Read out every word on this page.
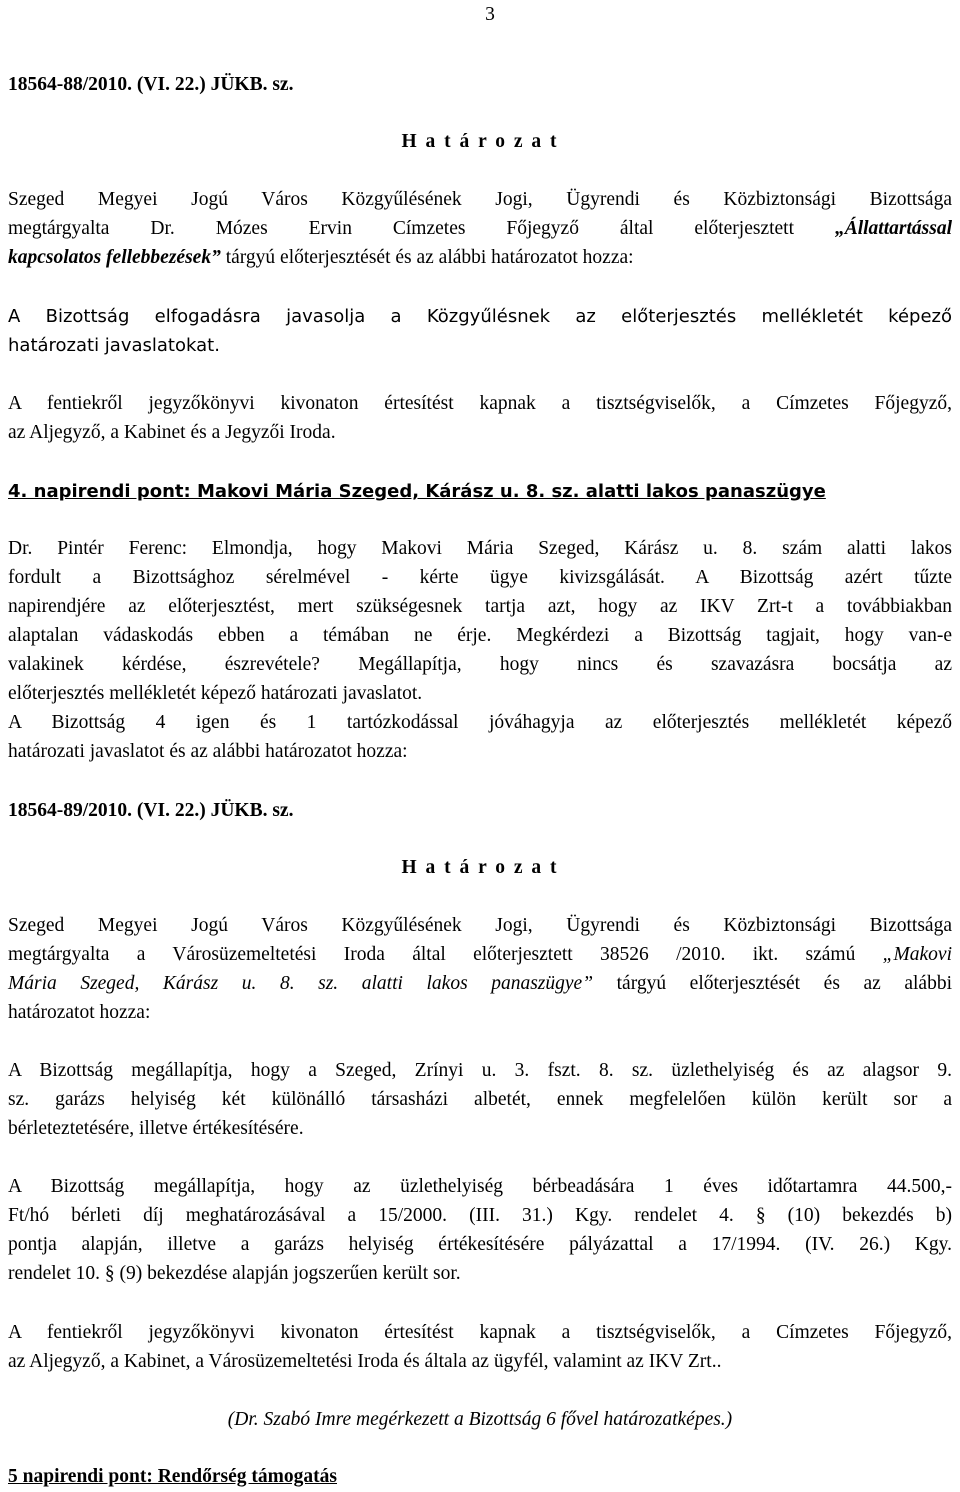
3
18564-88/2010. (VI. 22.) JÜKB. sz.
H a t á r o z a t
Szeged Megyei Jogú Város Közgyűlésének Jogi, Ügyrendi és Közbiztonsági Bizottsága
megtárgyalta Dr. Mózes Ervin Címzetes Főjegyző által előterjesztett „Állattartással
kapcsolatos fellebbezések” tárgyú előterjesztését és az alábbi határozatot hozza:
A Bizottság elfogadásra javasolja a Közgyűlésnek az előterjesztés mellékletét képező
határozati javaslatokat.
A fentiekről jegyzőkönyvi kivonaton értesítést kapnak a tisztségviselők, a Címzetes Főjegyző,
az Aljegyző, a Kabinet és a Jegyzői Iroda.
4. napirendi pont: Makovi Mária Szeged, Kárász u. 8. sz. alatti lakos panaszügye
Dr. Pintér Ferenc: Elmondja, hogy Makovi Mária Szeged, Kárász u. 8. szám alatti lakos
fordult a Bizottsághoz sérelmével - kérte ügye kivizsgálását. A Bizottság azért tűzte
napirendjére az előterjesztést, mert szükségesnek tartja azt, hogy az IKV Zrt-t a továbbiakban
alaptalan vádaskodás ebben a témában ne érje. Megkérdezi a Bizottság tagjait, hogy van-e
valakinek kérdése, észrevétele? Megállapítja, hogy nincs és szavazásra bocsátja az
előterjesztés mellékletét képező határozati javaslatot.
A Bizottság 4 igen és 1 tartózkodással jóváhagyja az előterjesztés mellékletét képező
határozati javaslatot és az alábbi határozatot hozza:
18564-89/2010. (VI. 22.) JÜKB. sz.
H a t á r o z a t
Szeged Megyei Jogú Város Közgyűlésének Jogi, Ügyrendi és Közbiztonsági Bizottsága
megtárgyalta a Városüzemeltetési Iroda által előterjesztett 38526 /2010. ikt. számú „Makovi
Mária Szeged, Kárász u. 8. sz. alatti lakos panaszügye” tárgyú előterjesztését és az alábbi
határozatot hozza:
A Bizottság megállapítja, hogy a Szeged, Zrínyi u. 3. fszt. 8. sz. üzlethelyiség és az alagsor 9.
sz. garázs helyiség két különálló társasházi albetét, ennek megfelelően külön került sor a
bérleteztetésére, illetve értékesítésére.
A Bizottság megállapítja, hogy az üzlethelyiség bérbeadására 1 éves időtartamra 44.500,-
Ft/hó bérleti díj meghatározásával a 15/2000. (III. 31.) Kgy. rendelet 4. § (10) bekezdés b)
pontja alapján, illetve a garázs helyiség értékesítésére pályázattal a 17/1994. (IV. 26.) Kgy.
rendelet 10. § (9) bekezdése alapján jogszerűen került sor.
A fentiekről jegyzőkönyvi kivonaton értesítést kapnak a tisztségviselők, a Címzetes Főjegyző,
az Aljegyző, a Kabinet, a Városüzemeltetési Iroda és általa az ügyfél, valamint az IKV Zrt..
(Dr. Szabó Imre megérkezett a Bizottság 6 fővel határozatképes.)
5 napirendi pont: Rendőrség támogatás
